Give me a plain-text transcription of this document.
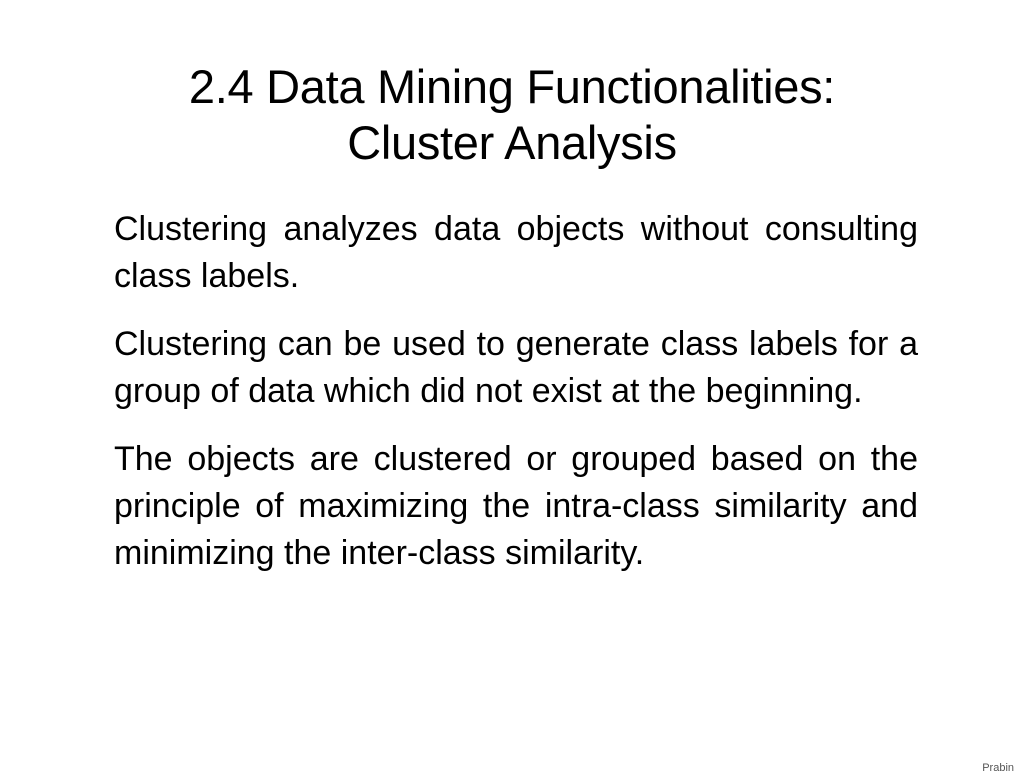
2.4 Data Mining Functionalities:
Cluster Analysis

Clustering analyzes data objects without consulting class labels.

Clustering can be used to generate class labels for a group of data which did not exist at the beginning.

The objects are clustered or grouped based on the principle of maximizing the intra-class similarity and minimizing the inter-class similarity.

Prabin
